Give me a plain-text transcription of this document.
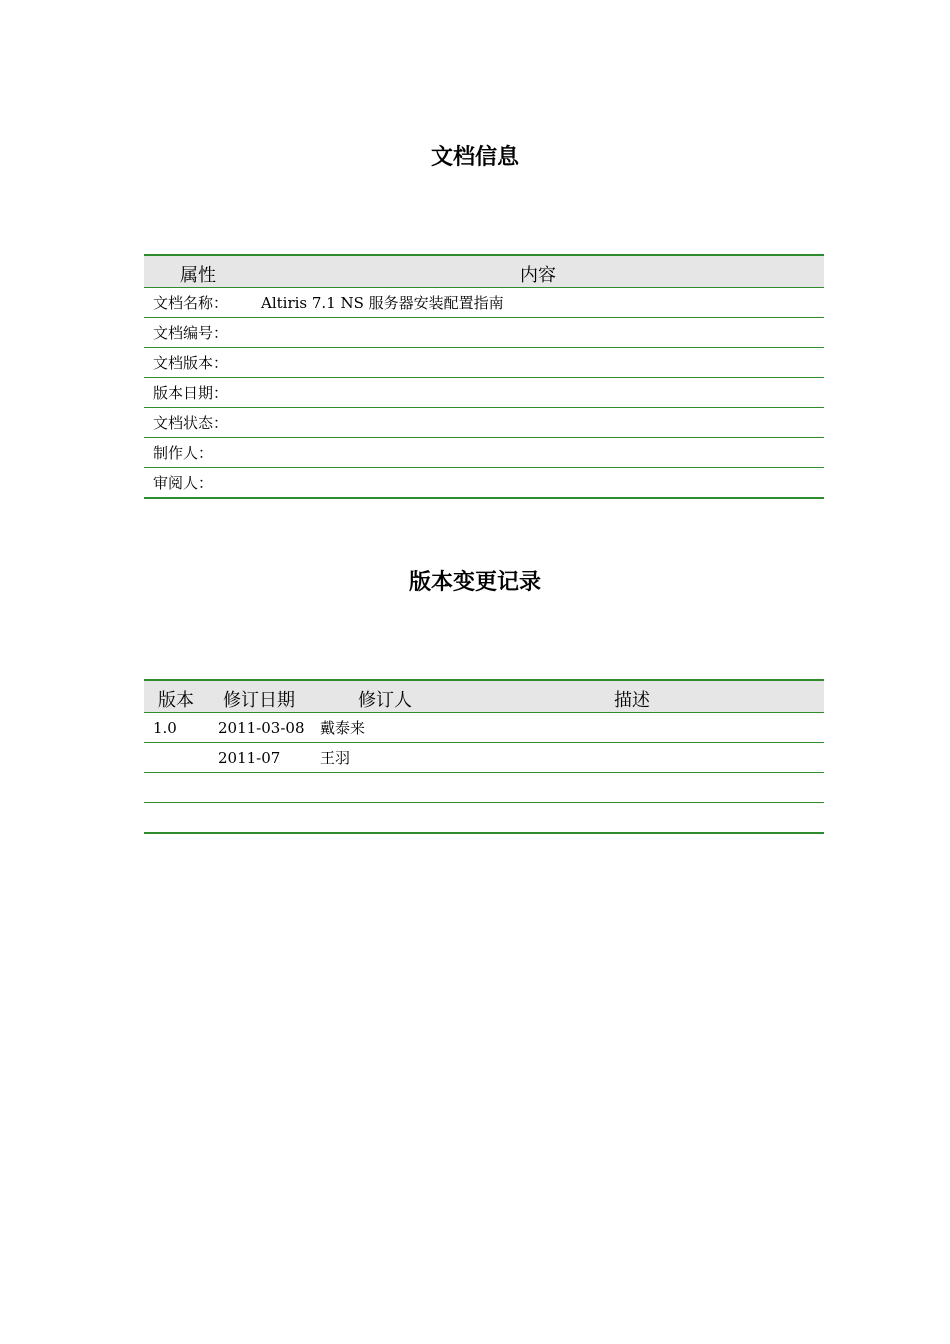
文档信息
属性	内容
文档名称：	Altiris 7.1 NS 服务器安装配置指南
文档编号：	
文档版本：	
版本日期：	
文档状态：	
制作人：	
审阅人：	
版本变更记录
版本	修订日期	修订人	描述
1.0	2011-03-08	戴泰来	
	2011-07	王羽	
